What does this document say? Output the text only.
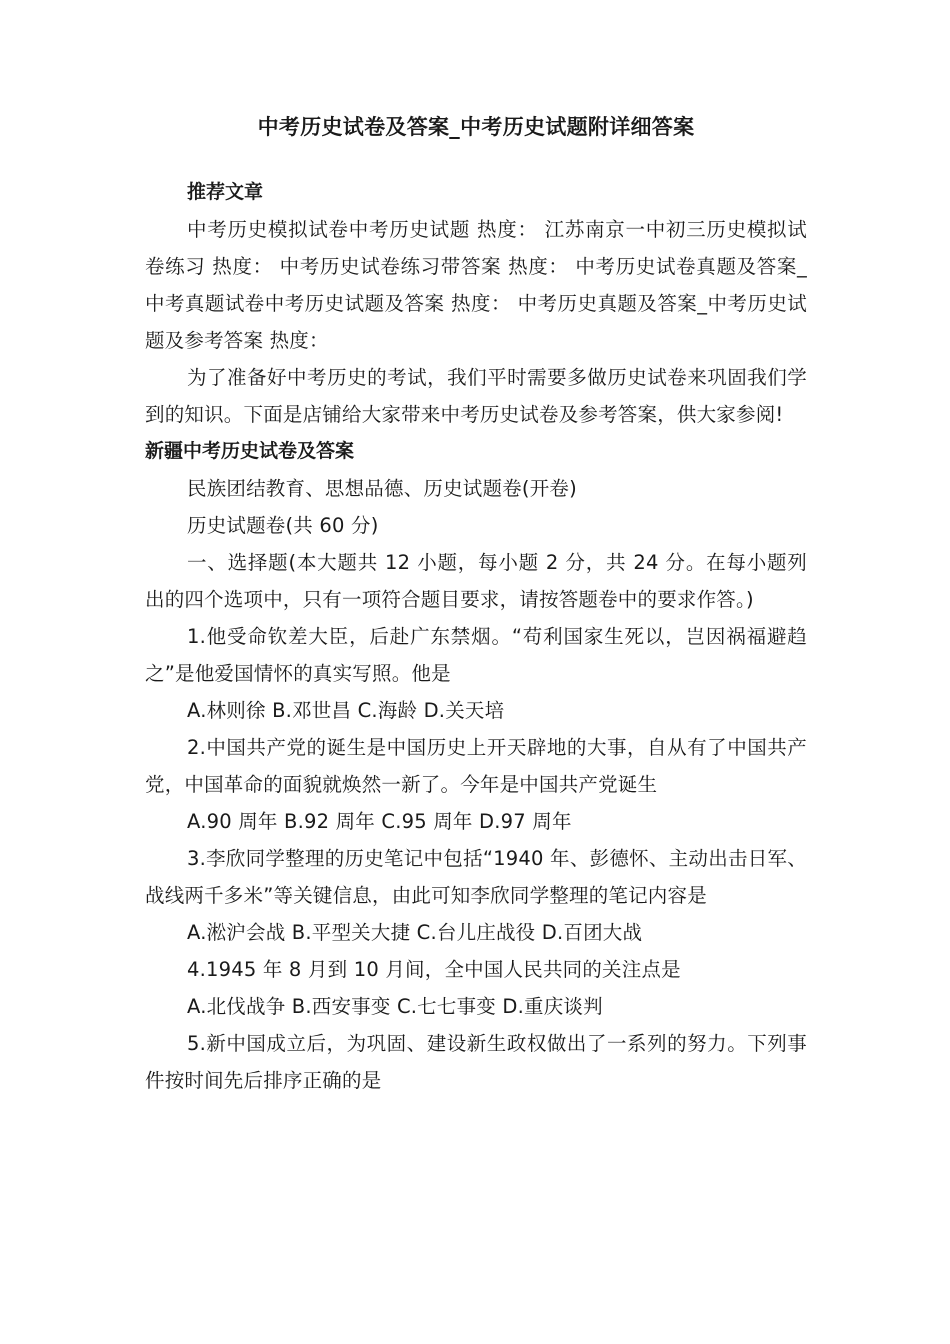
中考历史试卷及答案_中考历史试题附详细答案
推荐文章

中考历史模拟试卷中考历史试题 热度： 江苏南京一中初三历史模拟试卷练习 热度： 中考历史试卷练习带答案 热度： 中考历史试卷真题及答案_中考真题试卷中考历史试题及答案 热度： 中考历史真题及答案_中考历史试题及参考答案 热度：

为了准备好中考历史的考试，我们平时需要多做历史试卷来巩固我们学到的知识。下面是店铺给大家带来中考历史试卷及参考答案，供大家参阅!

新疆中考历史试卷及答案

民族团结教育、思想品德、历史试题卷(开卷)

历史试题卷(共 60 分)

一、选择题(本大题共 12 小题，每小题 2 分，共 24 分。在每小题列出的四个选项中，只有一项符合题目要求，请按答题卷中的要求作答。)

1.他受命钦差大臣，后赴广东禁烟。“苟利国家生死以，岂因祸福避趋之”是他爱国情怀的真实写照。他是

A.林则徐 B.邓世昌 C.海龄 D.关天培

2.中国共产党的诞生是中国历史上开天辟地的大事，自从有了中国共产党，中国革命的面貌就焕然一新了。今年是中国共产党诞生

A.90 周年 B.92 周年 C.95 周年 D.97 周年

3.李欣同学整理的历史笔记中包括“1940 年、彭德怀、主动出击日军、战线两千多米”等关键信息，由此可知李欣同学整理的笔记内容是

A.淞沪会战 B.平型关大捷 C.台儿庄战役 D.百团大战

4.1945 年 8 月到 10 月间，全中国人民共同的关注点是

A.北伐战争 B.西安事变 C.七七事变 D.重庆谈判

5.新中国成立后，为巩固、建设新生政权做出了一系列的努力。下列事件按时间先后排序正确的是
